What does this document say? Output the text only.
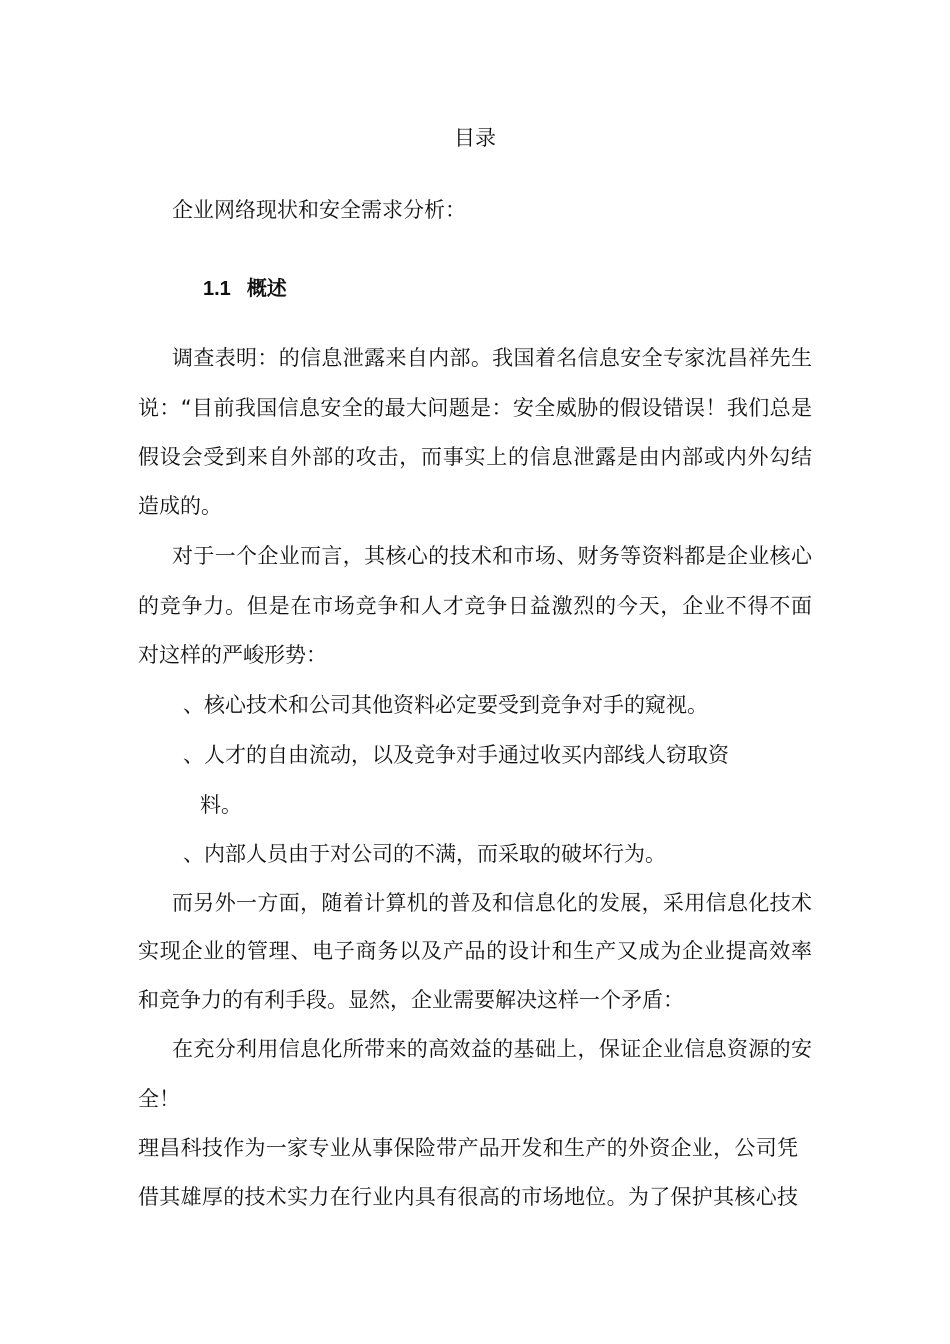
目录
企业网络现状和安全需求分析：
1.1 概述
调查表明：的信息泄露来自内部。我国着名信息安全专家沈昌祥先生
说：“目前我国信息安全的最大问题是：安全威胁的假设错误！我们总是
假设会受到来自外部的攻击，而事实上的信息泄露是由内部或内外勾结
造成的。
对于一个企业而言，其核心的技术和市场、财务等资料都是企业核心
的竞争力。但是在市场竞争和人才竞争日益激烈的今天，企业不得不面
对这样的严峻形势：
、核心技术和公司其他资料必定要受到竞争对手的窥视。
、人才的自由流动，以及竞争对手通过收买内部线人窃取资
料。
、内部人员由于对公司的不满，而采取的破坏行为。
而另外一方面，随着计算机的普及和信息化的发展，采用信息化技术
实现企业的管理、电子商务以及产品的设计和生产又成为企业提高效率
和竞争力的有利手段。显然，企业需要解决这样一个矛盾：
在充分利用信息化所带来的高效益的基础上，保证企业信息资源的安
全！
理昌科技作为一家专业从事保险带产品开发和生产的外资企业，公司凭
借其雄厚的技术实力在行业内具有很高的市场地位。为了保护其核心技
